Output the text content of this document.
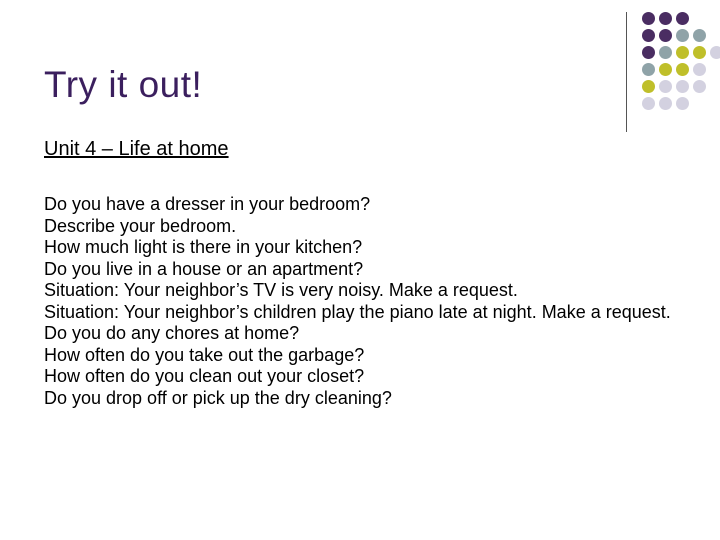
Try it out!
Unit 4 – Life at home
Do you have a dresser in your bedroom?
Describe your bedroom.
How much light is there in your kitchen?
Do you live in a house or an apartment?
Situation: Your neighbor’s TV is very noisy. Make a request.
Situation: Your neighbor’s children play the piano late at night. Make a request.
Do you do any chores at home?
How often do you take out the garbage?
How often do you clean out your closet?
Do you drop off or pick up the dry cleaning?
